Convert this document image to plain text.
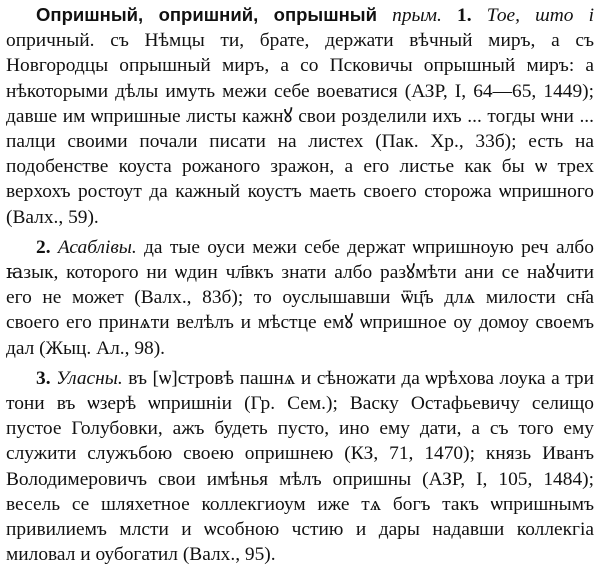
Опришный, опришний, опрышный прым. 1. Тое, што і опричный. съ Нѣмцы ти, брате, держати вѣчный миръ, а съ Новгородцы опрышный миръ, а со Псковичы опрышный миръ: а нѣкоторыми дѣлы имуть межи себе воеватися (АЗР, I, 64—65, 1449); давше им ѡпришные листы кажнꙋ свои розделили ихъ ... тогды ѡни ... палци своими почали писати на листех (Пак. Хр., 33б); есть на подобенстве коуста рожаного зражон, а его листье как бы ѡ трех верхохъ ростоут да кажный коустъ маеть своего сторожа ѡпришного (Валх., 59).

2. Асаблівы. да тые оуси межи себе держат ѡпришноую реч албо ꙗзык, которого ни ѡдин чл҃вкъ знати албо разꙋмѣти ани се наꙋчити его не может (Валх., 83б); то оуслышавши ѿц҃ъ длѧ милости сн҃а своего его принѧти велѣлъ и мѣстце емꙋ ѡпришное оу домоу своемъ дал (Жыц. Ал., 98).

3. Уласны. въ [ѡ]стровѣ пашнѧ и сѣножати да ѡрѣхова лоука а три тони въ ѡзерѣ ѡпришніи (Гр. Сем.); Васку Остафьевичу селищо пустое Голубовки, ажъ будеть пусто, ино ему дати, а съ того ему служити служъбою своею опришнею (КЗ, 71, 1470); князь Иванъ Володимеровичъ свои имѣнья мѣлъ опришны (АЗР, I, 105, 1484); весель се шляхетное коллекгиоум иже тѧ богъ такъ ѡпришнымъ привилиемъ млсти и ѡсобною чстию и дары надавши коллекгіа миловал и оубогатил (Валх., 95).
